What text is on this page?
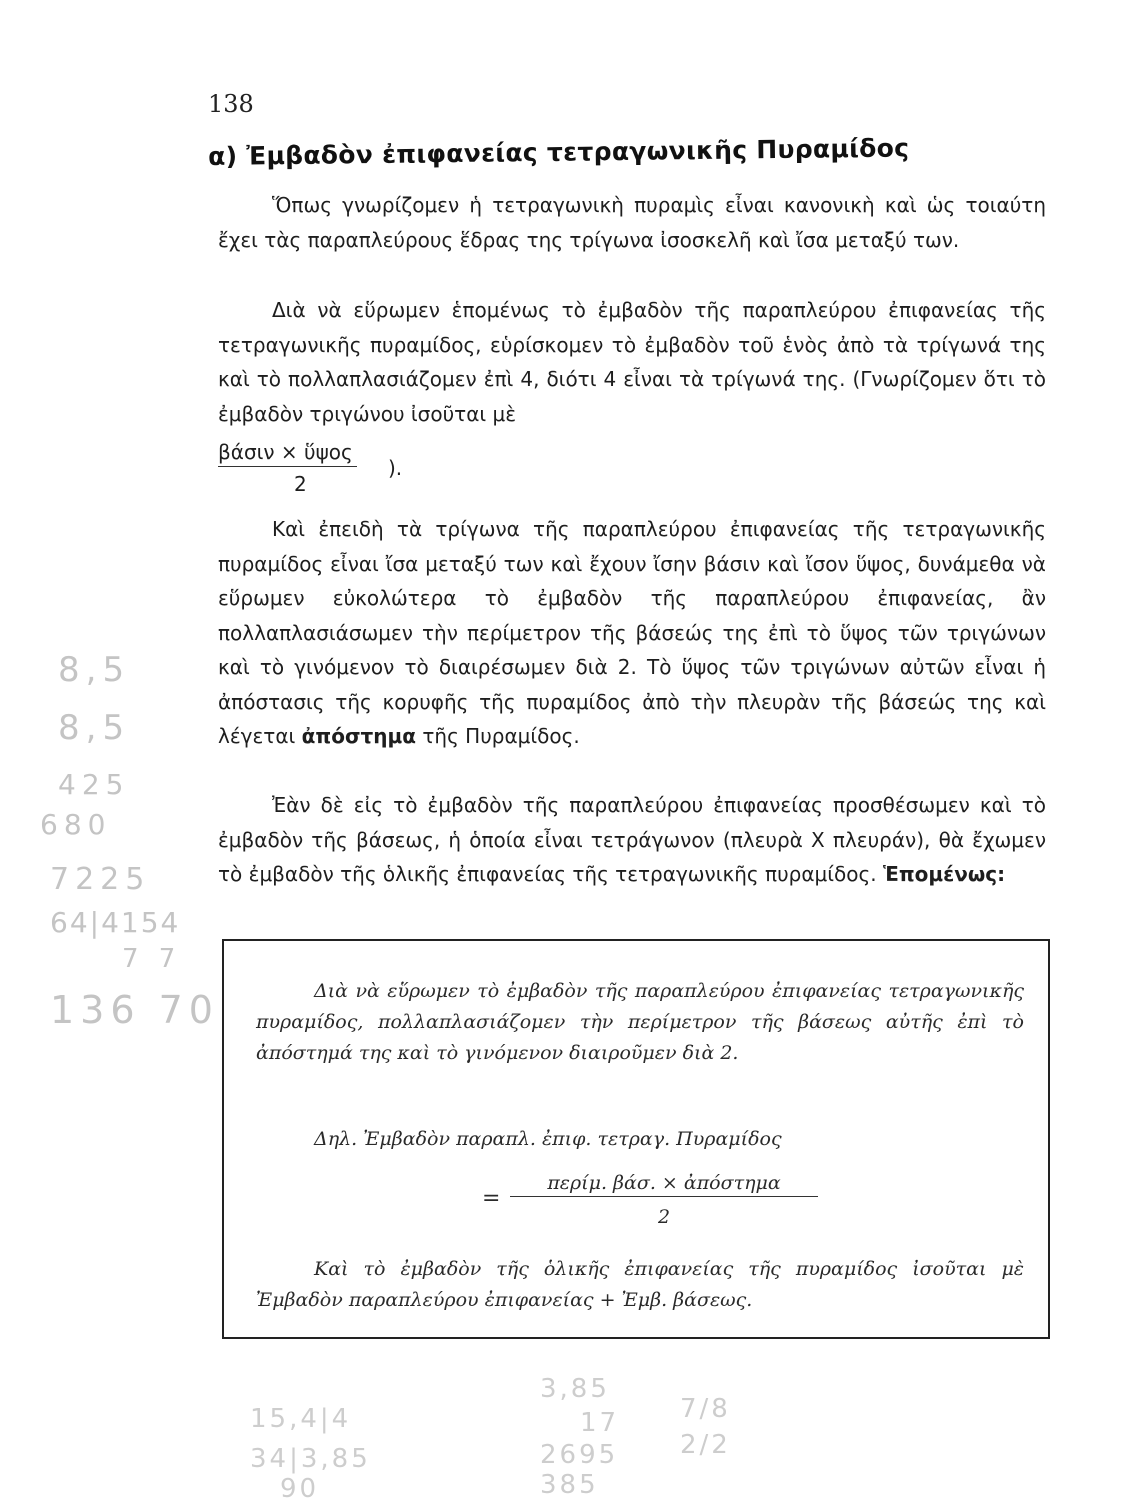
138
α) Ἐμβαδὸν ἐπιφανείας τετραγωνικῆς Πυραμίδος

Ὅπως γνωρίζομεν ἡ τετραγωνικὴ πυραμὶς εἶναι κανονικὴ καὶ ὡς τοιαύτη ἔχει τὰς παραπλεύρους ἕδρας της τρίγωνα ἰσοσκελῆ καὶ ἴσα μεταξύ των.

Διὰ νὰ εὕρωμεν ἑπομένως τὸ ἐμβαδὸν τῆς παραπλεύρου ἐπιφανείας τῆς τετραγωνικῆς πυραμίδος, εὑρίσκομεν τὸ ἐμβαδὸν τοῦ ἑνὸς ἀπὸ τὰ τρίγωνά της καὶ τὸ πολλαπλασιάζομεν ἐπὶ 4, διότι 4 εἶναι τὰ τρίγωνά της. (Γνωρίζομεν ὅτι τὸ ἐμβαδὸν τριγώνου ἰσοῦται μὲ

βάσιν × ὕψος
2
).

Καὶ ἐπειδὴ τὰ τρίγωνα τῆς παραπλεύρου ἐπιφανείας τῆς τετραγωνικῆς πυραμίδος εἶναι ἴσα μεταξύ των καὶ ἔχουν ἴσην βάσιν καὶ ἴσον ὕψος, δυνάμεθα νὰ εὕρωμεν εὐκολώτερα τὸ ἐμβαδὸν τῆς παραπλεύρου ἐπιφανείας, ἂν πολλαπλασιάσωμεν τὴν περίμετρον τῆς βάσεώς της ἐπὶ τὸ ὕψος τῶν τριγώνων καὶ τὸ γινόμενον τὸ διαιρέσωμεν διὰ 2. Τὸ ὕψος τῶν τριγώνων αὐτῶν εἶναι ἡ ἀπόστασις τῆς κορυφῆς τῆς πυραμίδος ἀπὸ τὴν πλευρὰν τῆς βάσεώς της καὶ λέγεται ἀπόστημα τῆς Πυραμίδος.

Ἐὰν δὲ εἰς τὸ ἐμβαδὸν τῆς παραπλεύρου ἐπιφανείας προσθέσωμεν καὶ τὸ ἐμβαδὸν τῆς βάσεως, ἡ ὁποία εἶναι τετράγωνον (πλευρὰ Χ πλευράν), θὰ ἔχωμεν τὸ ἐμβαδὸν τῆς ὁλικῆς ἐπιφανείας τῆς τετραγωνικῆς πυραμίδος. Ἑπομένως:

Διὰ νὰ εὕρωμεν τὸ ἐμβαδὸν τῆς παραπλεύρου ἐπιφανείας τετραγωνικῆς πυραμίδος, πολλαπλασιάζομεν τὴν περίμετρον τῆς βάσεως αὐτῆς ἐπὶ τὸ ἀπόστημά της καὶ τὸ γινόμενον διαιροῦμεν διὰ 2.

Δηλ. Ἐμβαδὸν παραπλ. ἐπιφ. τετραγ. Πυραμίδος

=
περίμ. βάσ. × ἀπόστημα
2

Καὶ τὸ ἐμβαδὸν τῆς ὁλικῆς ἐπιφανείας τῆς πυραμίδος ἰσοῦται μὲ Ἐμβαδὸν παραπλεύρου ἐπιφανείας + Ἐμβ. βάσεως.

8,5
8,5
425
680
7225
64|4154
7 7
136 70
3,85
15,4|4
34|3,85
7/8
17
2695
385
2/2
90
